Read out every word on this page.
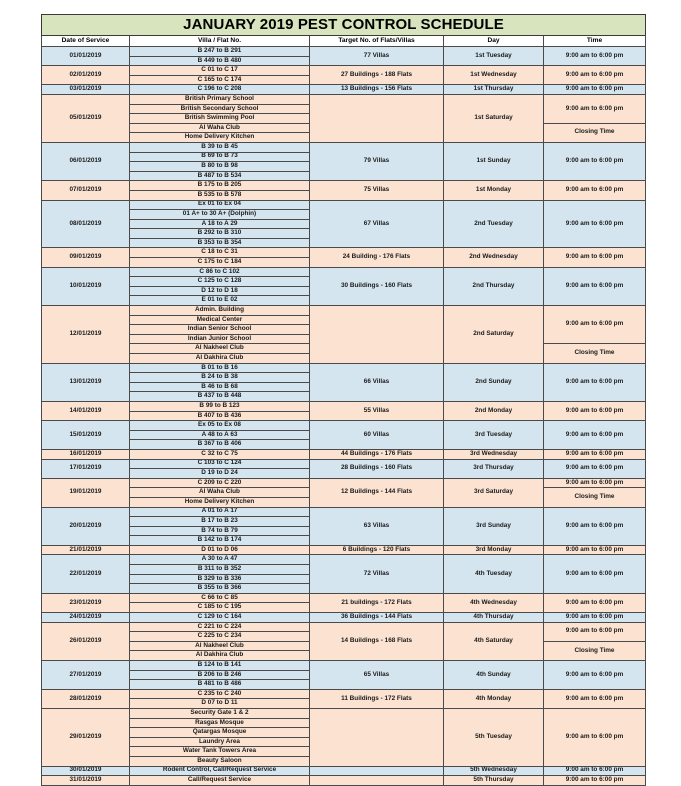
JANUARY 2019 PEST CONTROL SCHEDULE				
Date of Service	Villa / Flat No.	Target No. of Flats/Villas	Day	Time
01/01/2019	B 247 to B 291	77 Villas	1st Tuesday	9:00 am to 6:00 pm
	B 449 to B 480			
02/01/2019	C 01 to C 17	27 Buildings - 188 Flats	1st Wednesday	9:00 am to 6:00 pm
	C 165 to C 174			
03/01/2019	C 196 to C 208	13 Buildings - 156 Flats	1st Thursday	9:00 am to 6:00 pm
05/01/2019	British Primary School		1st Saturday	9:00 am to 6:00 pm
	British Secondary School			
	British Swimming Pool			
	Al Waha Club			Closing Time
	Home Delivery Kitchen			
06/01/2019	B 39 to B 45	79 Villas	1st Sunday	9:00 am to 6:00 pm
	B 69 to B 73			
	B 80 to B 98			
	B 487 to B 534			
07/01/2019	B 175 to B 205	75 Villas	1st Monday	9:00 am to 6:00 pm
	B 535 to B 578			
08/01/2019	Ex 01 to Ex 04	67 Villas	2nd Tuesday	9:00 am to 6:00 pm
	01 A+ to 30 A+ (Dolphin)			
	A 18 to A 29			
	B 292 to B 310			
	B 353 to B 354			
09/01/2019	C 18 to C 31	24 Building - 176 Flats	2nd Wednesday	9:00 am to 6:00 pm
	C 175 to C 184			
10/01/2019	C 86 to C 102	30 Buildings - 160 Flats	2nd Thursday	9:00 am to 6:00 pm
	C 125 to C 128			
	D 12 to D 18			
	E 01 to E 02			
12/01/2019	Admin. Building		2nd Saturday	9:00 am to 6:00 pm
	Medical Center			
	Indian Senior School			
	Indian Junior School			
	Al Nakheel Club			Closing Time
	Al Dakhira Club			
13/01/2019	B 01 to B 16	66 Villas	2nd Sunday	9:00 am to 6:00 pm
	B 24 to B 38			
	B 46 to B 68			
	B 437 to B 448			
14/01/2019	B 99 to B 123	55 Villas	2nd Monday	9:00 am to 6:00 pm
	B 407 to B 436			
15/01/2019	Ex 05 to Ex 08	60 Villas	3rd Tuesday	9:00 am to 6:00 pm
	A 48 to A 63			
	B 367 to B 406			
16/01/2019	C 32 to C 75	44 Buildings - 176 Flats	3rd Wednesday	9:00 am to 6:00 pm
17/01/2019	C 103 to C 124	28 Buildings - 160 Flats	3rd Thursday	9:00 am to 6:00 pm
	D 19 to D 24			
19/01/2019	C 209 to C 220	12 Buildings - 144 Flats	3rd Saturday	9:00 am to 6:00 pm
	Al Waha Club			Closing Time
	Home Delivery Kitchen			
20/01/2019	A 01 to A 17	63 Villas	3rd Sunday	9:00 am to 6:00 pm
	B 17 to B 23			
	B 74 to B 79			
	B 142 to B 174			
21/01/2019	D 01 to D 06	6 Buildings - 120 Flats	3rd Monday	9:00 am to 6:00 pm
22/01/2019	A 30 to A 47	72 Villas	4th Tuesday	9:00 am to 6:00 pm
	B 311 to B 352			
	B 329 to B 336			
	B 355 to B 366			
23/01/2019	C 66 to C 85	21 buildings - 172 Flats	4th Wednesday	9:00 am to 6:00 pm
	C 185 to C 195			
24/01/2019	C 129 to C 164	36 Buildings - 144 Flats	4th Thursday	9:00 am to 6:00 pm
26/01/2019	C 221 to C 224	14 Buildings - 168 Flats	4th Saturday	9:00 am to 6:00 pm
	C 225 to C 234			
	Al Nakheel Club			Closing Time
	Al Dakhira Club			
27/01/2019	B 124 to B 141	65 Villas	4th Sunday	9:00 am to 6:00 pm
	B 206 to B 246			
	B 481 to B 486			
28/01/2019	C 235 to C 240	11 Buildings - 172 Flats	4th Monday	9:00 am to 6:00 pm
	D 07 to D 11			
29/01/2019	Security Gate 1 & 2		5th Tuesday	9:00 am to 6:00 pm
	Rasgas Mosque			
	Qatargas Mosque			
	Laundry Area			
	Water Tank Towers Area			
	Beauty Saloon			
30/01/2019	Rodent Control, Call/Request Service		5th Wednesday	9:00 am to 6:00 pm
31/01/2019	Call/Request Service		5th Thursday	9:00 am to 6:00 pm
